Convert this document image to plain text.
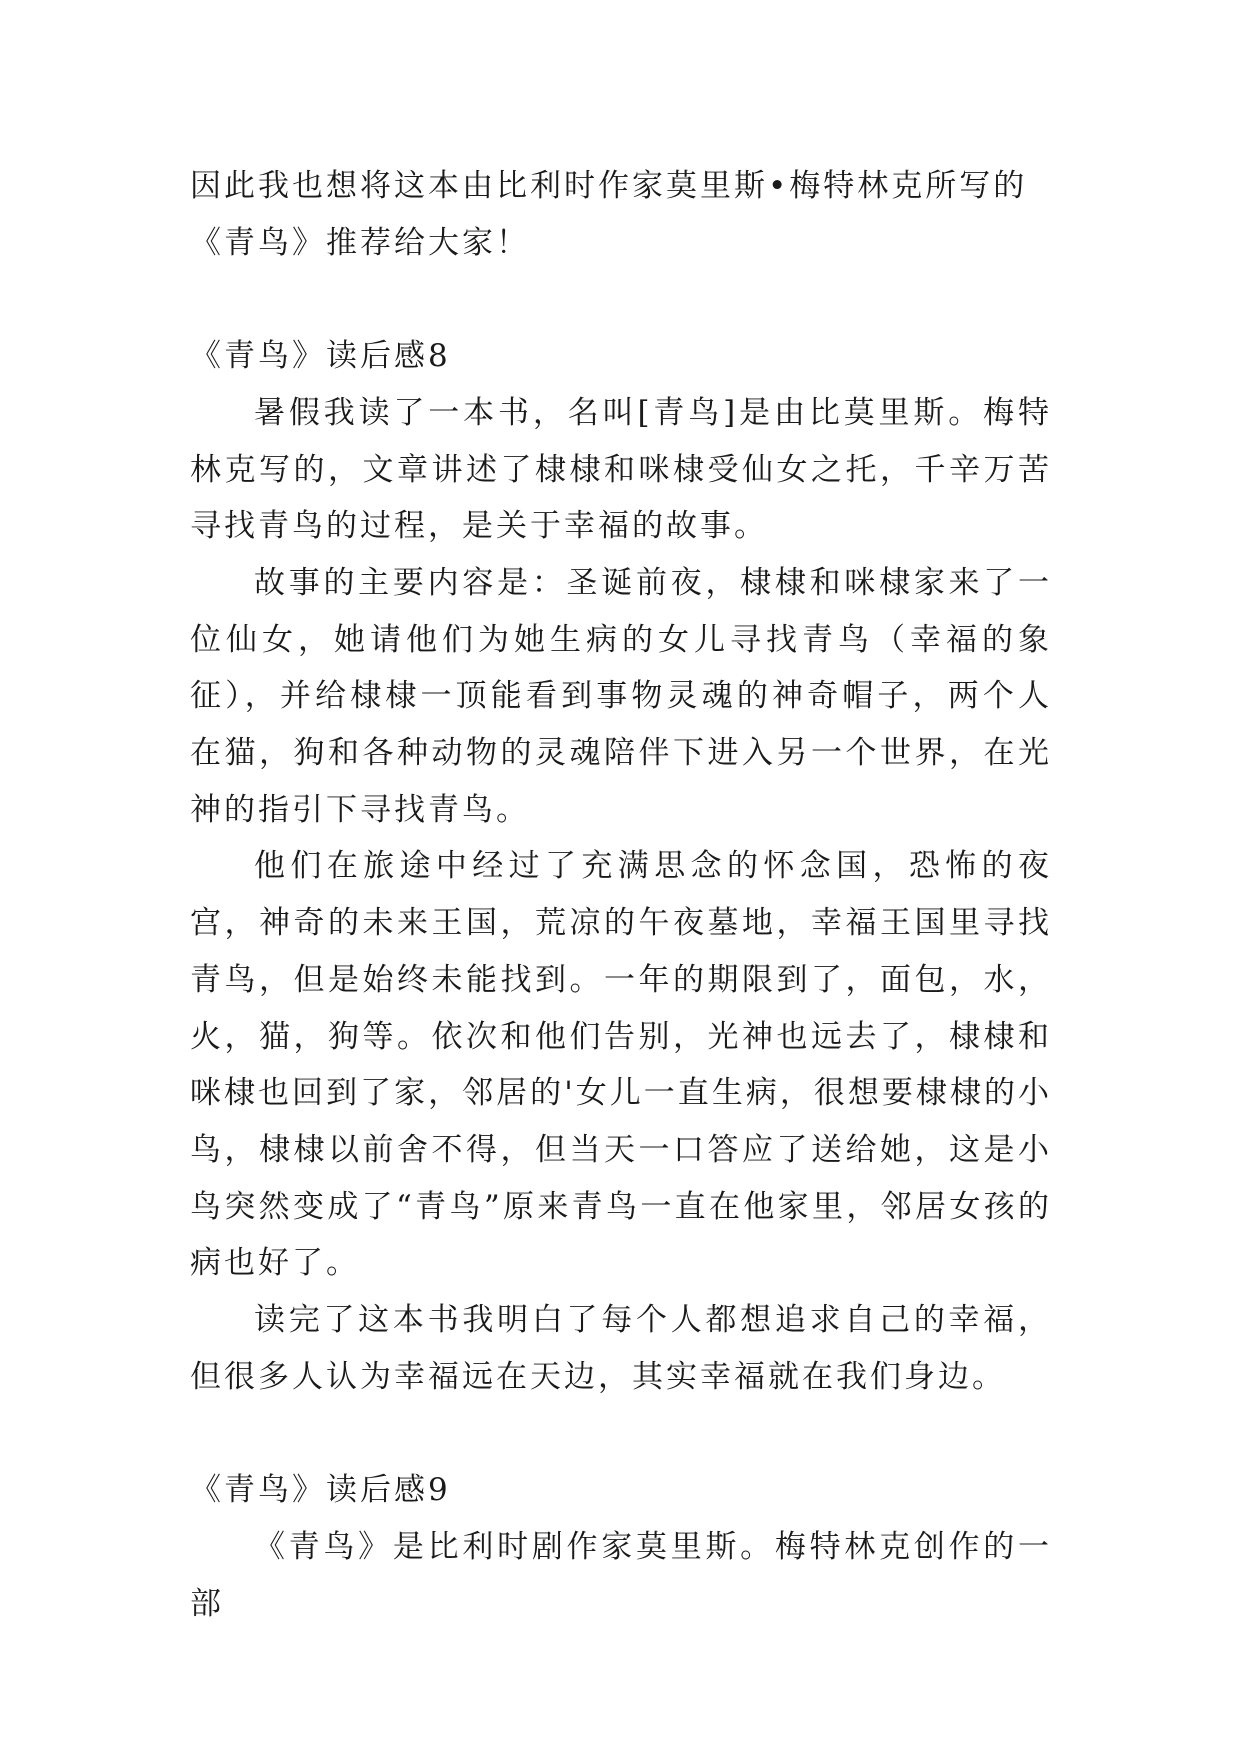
因此我也想将这本由比利时作家莫里斯•梅特林克所写的

《青鸟》推荐给大家！

《青鸟》读后感8

暑假我读了一本书，名叫[青鸟]是由比莫里斯。梅特林克写的，文章讲述了棣棣和咪棣受仙女之托，千辛万苦寻找青鸟的过程，是关于幸福的故事。

故事的主要内容是：圣诞前夜，棣棣和咪棣家来了一位仙女，她请他们为她生病的女儿寻找青鸟（幸福的象征），并给棣棣一顶能看到事物灵魂的神奇帽子，两个人在猫，狗和各种动物的灵魂陪伴下进入另一个世界，在光神的指引下寻找青鸟。

他们在旅途中经过了充满思念的怀念国，恐怖的夜宫，神奇的未来王国，荒凉的午夜墓地，幸福王国里寻找青鸟，但是始终未能找到。一年的期限到了，面包，水，火，猫，狗等。依次和他们告别，光神也远去了，棣棣和咪棣也回到了家，邻居的'女儿一直生病，很想要棣棣的小鸟，棣棣以前舍不得，但当天一口答应了送给她，这是小鸟突然变成了“青鸟”原来青鸟一直在他家里，邻居女孩的病也好了。

读完了这本书我明白了每个人都想追求自己的幸福，但很多人认为幸福远在天边，其实幸福就在我们身边。

《青鸟》读后感9

《青鸟》是比利时剧作家莫里斯。梅特林克创作的一部
